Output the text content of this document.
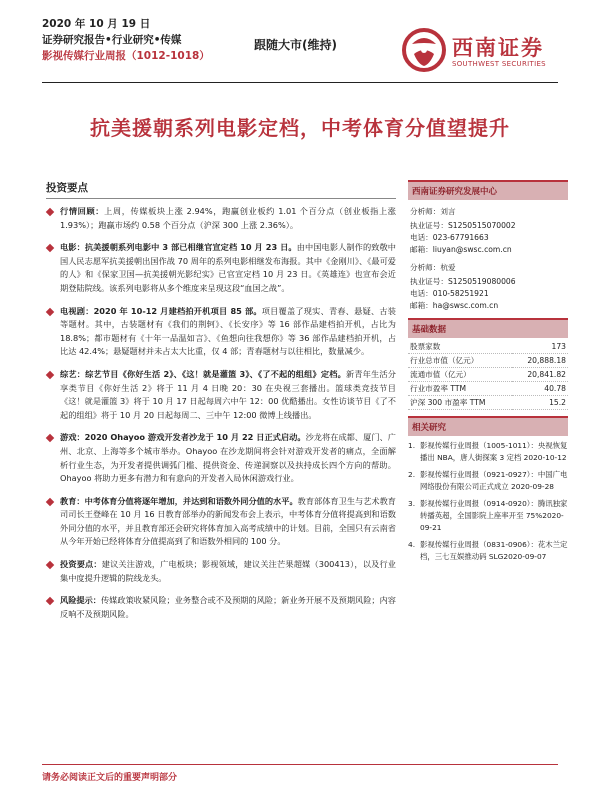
2020 年 10 月 19 日
证券研究报告•行业研究•传媒
影视传媒行业周报（1012-1018）
跟随大市(维持)	西南证券
SOUTHWEST SECURITIES
抗美援朝系列电影定档，中考体育分值望提升
投资要点
行情回顾：上周，传媒板块上涨 2.94%，跑赢创业板约 1.01 个百分点（创业板指上涨 1.93%）；跑赢市场约 0.58 个百分点（沪深 300 上涨 2.36%）。
电影：抗美援朝系列电影中 3 部已相继官宣定档 10 月 23 日。由中国电影人制作的致敬中国人民志愿军抗美援朝出国作战 70 周年的系列电影相继发布海报。其中《金刚川》、《最可爱的人》和《保家卫国—抗美援朝光影纪实》已官宣定档 10 月 23 日。《英雄连》也宣布会近期登陆院线。该系列电影将从多个维度来呈现这段“血国之战”。
电视剧：2020 年 10-12 月建档拍开机项目 85 部。项目覆盖了现实、青春、悬疑、古装等题材。其中，古装题材有《我们的荆轲》、《长安序》等 16 部作品建档拍开机，占比为 18.8%；都市题材有《十年一品温如言》、《鱼想向往我想你》等 36 部作品建档拍开机，占比达 42.4%；悬疑题材并未占太大比重，仅 4 部；青春题材与以往相比，数量减少。
综艺：综艺节目《你好生活 2》、《这！就是灌篮 3》、《了不起的组组》定档。新青年生活分享类节目《你好生活 2》将于 11 月 4 日晚 20：30 在央视三套播出。篮球类竞技节目《这！就是灌篮 3》将于 10 月 17 日起每周六中午 12：00 优酷播出。女性访谈节目《了不起的组组》将于 10 月 20 日起每周二、三中午 12:00 微博上线播出。
游戏：2020 Ohayoo 游戏开发者沙龙于 10 月 22 日正式启动。沙龙将在成都、厦门、广州、北京、上海等多个城市举办。Ohayoo 在沙龙期间将会针对游戏开发者的痛点，全面解析行业生态，为开发者提供调弧门槛、提供资金、传递洞察以及扶持成长四个方向的帮助。Ohayoo 将助力更多有潜力和有意向的开发者入局休闲游戏行业。
教育：中考体育分值将逐年增加，并达到和语数外同分值的水平。教育部体育卫生与艺术教育司司长王登峰在 10 月 16 日教育部举办的新闻发布会上表示，中考体育分值将提高到和语数外同分值的水平，并且教育部还会研究将体育加入高考成绩中的计划。目前，全国只有云南省从今年开始已经将体育分值提高到了和语数外相同的 100 分。
投资要点：建议关注游戏，广电板块；影视领域，建议关注芒果超媒（300413），以及行业集中度提升逻辑的院线龙头。
风险提示：传媒政策收紧风险；业务整合或不及预期的风险；新业务开展不及预期风险；内容反响不及预期风险。
西南证券研究发展中心
分析师：刘言
执业证号： S1250515070002
电话： 023-67791663
邮箱： liuyan@swsc.com.cn
分析师：杭爱
执业证号： S1250519080006
电话： 010-58251921
邮箱： ha@swsc.com.cn
基础数据
股票家数	173
行业总市值（亿元）	20,888.18
流通市值（亿元）	20,841.82
行业市盈率 TTM	40.78
沪深 300 市盈率 TTM	15.2
相关研究
1. 影视传媒行业周报（1005-1011）：央视恢复播出 NBA，唐人街探案 3 定档 2020-10-12
2. 影视传媒行业周报（0921-0927）：中国广电网络股份有限公司正式成立 2020-09-28
3. 影视传媒行业周报（0914-0920）：腾讯独家转播英超，全国影院上座率开至 75%2020-09-21
4. 影视传媒行业周报（0831-0906）：花木兰定档，三七互娱推动码 SLG2020-09-07
请务必阅读正文后的重要声明部分
